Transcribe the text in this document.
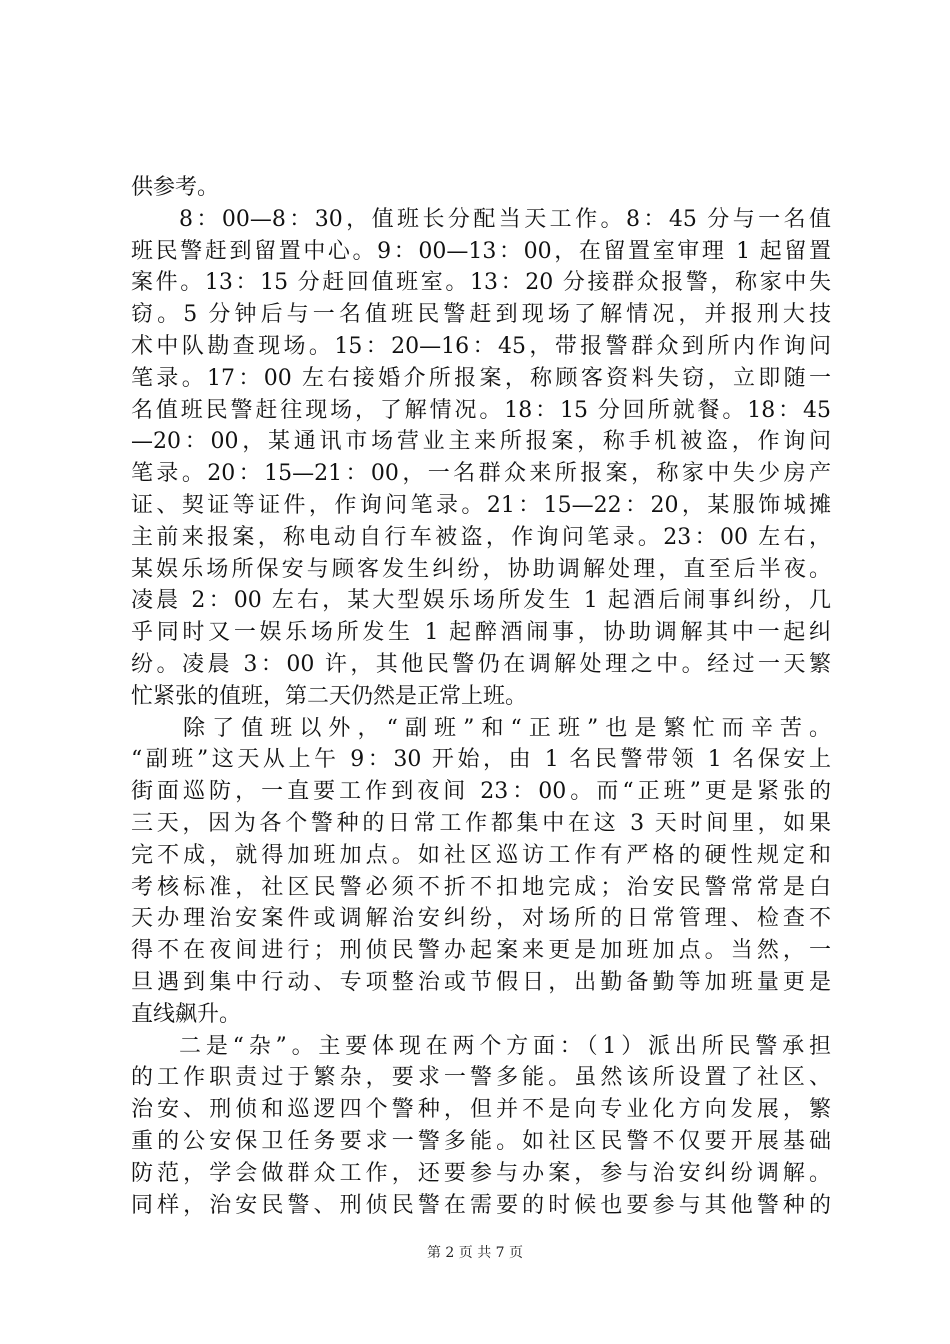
供参考。
8：00—8：30，值班长分配当天工作。8：45 分与一名值
班民警赶到留置中心。9：00—13：00，在留置室审理 1 起留置
案件。13：15 分赶回值班室。13：20 分接群众报警，称家中失
窃。5 分钟后与一名值班民警赶到现场了解情况，并报刑大技
术中队勘查现场。15：20—16：45，带报警群众到所内作询问
笔录。17：00 左右接婚介所报案，称顾客资料失窃，立即随一
名值班民警赶往现场，了解情况。18：15 分回所就餐。18：45
—20：00，某通讯市场营业主来所报案，称手机被盗，作询问
笔录。20：15—21：00，一名群众来所报案，称家中失少房产
证、契证等证件，作询问笔录。21：15—22：20，某服饰城摊
主前来报案，称电动自行车被盗，作询问笔录。23：00 左右，
某娱乐场所保安与顾客发生纠纷，协助调解处理，直至后半夜。
凌晨 2：00 左右，某大型娱乐场所发生 1 起酒后闹事纠纷，几
乎同时又一娱乐场所发生 1 起醉酒闹事，协助调解其中一起纠
纷。凌晨 3：00 许，其他民警仍在调解处理之中。经过一天繁
忙紧张的值班，第二天仍然是正常上班。
除了值班以外，“副班”和“正班”也是繁忙而辛苦。
“副班”这天从上午 9：30 开始，由 1 名民警带领 1 名保安上
街面巡防，一直要工作到夜间 23：00。而“正班”更是紧张的
三天，因为各个警种的日常工作都集中在这 3 天时间里，如果
完不成，就得加班加点。如社区巡访工作有严格的硬性规定和
考核标准，社区民警必须不折不扣地完成；治安民警常常是白
天办理治安案件或调解治安纠纷，对场所的日常管理、检查不
得不在夜间进行；刑侦民警办起案来更是加班加点。当然，一
旦遇到集中行动、专项整治或节假日，出勤备勤等加班量更是
直线飙升。
二是“杂”。主要体现在两个方面：（1）派出所民警承担
的工作职责过于繁杂，要求一警多能。虽然该所设置了社区、
治安、刑侦和巡逻四个警种，但并不是向专业化方向发展，繁
重的公安保卫任务要求一警多能。如社区民警不仅要开展基础
防范，学会做群众工作，还要参与办案，参与治安纠纷调解。
同样，治安民警、刑侦民警在需要的时候也要参与其他警种的
第 2 页 共 7 页
